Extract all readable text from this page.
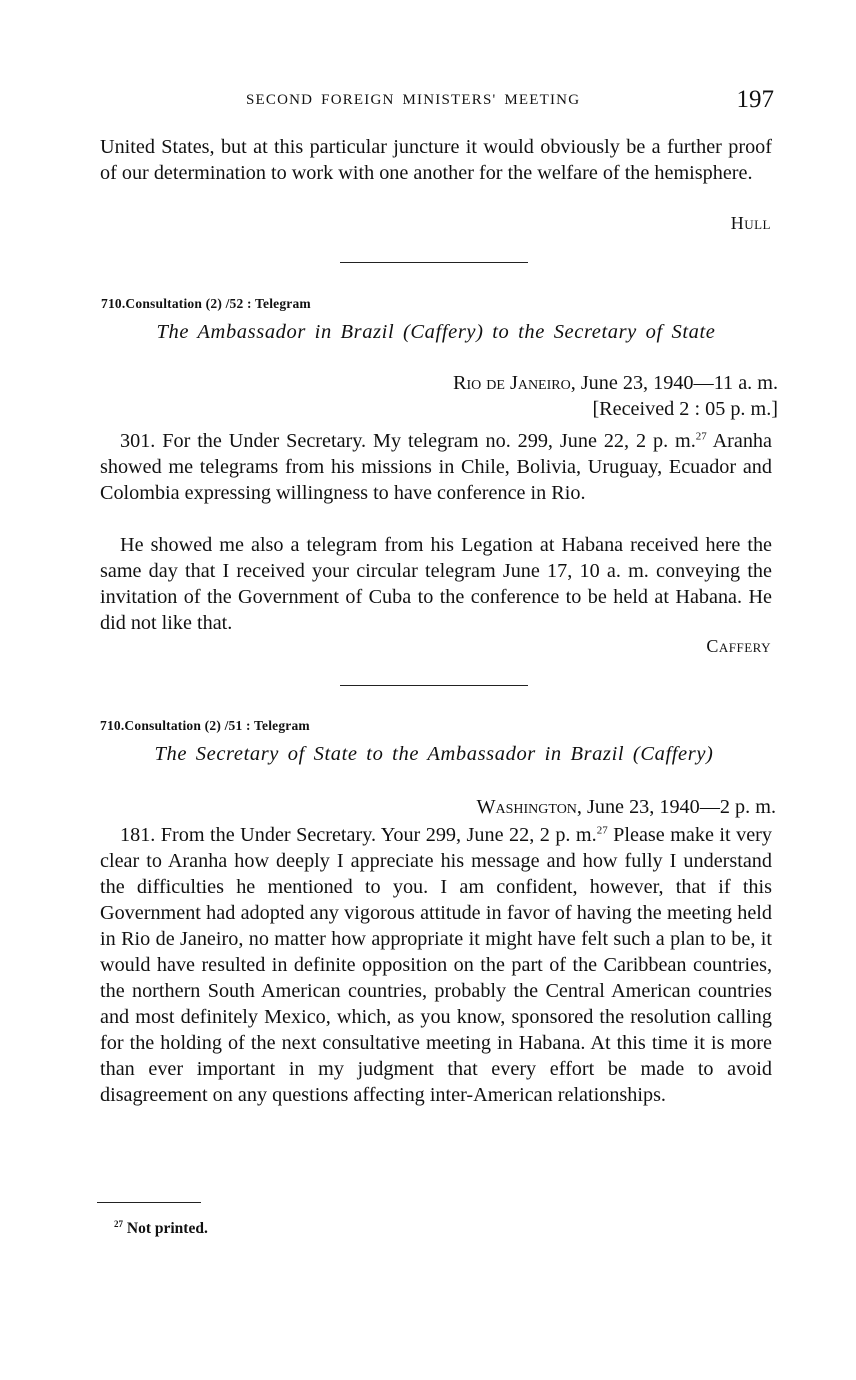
SECOND FOREIGN MINISTERS' MEETING	197

United States, but at this particular juncture it would obviously be a further proof of our determination to work with one another for the welfare of the hemisphere.

Hull
710.Consultation (2) /52 : Telegram
The Ambassador in Brazil (Caffery) to the Secretary of State
Rio de Janeiro, June 23, 1940—11 a. m.
[Received 2 : 05 p. m.]

301. For the Under Secretary. My telegram no. 299, June 22, 2 p. m.$^{27}$ Aranha showed me telegrams from his missions in Chile, Bolivia, Uruguay, Ecuador and Colombia expressing willingness to have conference in Rio.

He showed me also a telegram from his Legation at Habana received here the same day that I received your circular telegram June 17, 10 a. m. conveying the invitation of the Government of Cuba to the conference to be held at Habana. He did not like that.

Caffery
710.Consultation (2) /51 : Telegram
The Secretary of State to the Ambassador in Brazil (Caffery)
Washington, June 23, 1940—2 p. m.

181. From the Under Secretary. Your 299, June 22, 2 p. m.$^{27}$ Please make it very clear to Aranha how deeply I appreciate his message and how fully I understand the difficulties he mentioned to you. I am confident, however, that if this Government had adopted any vigorous attitude in favor of having the meeting held in Rio de Janeiro, no matter how appropriate it might have felt such a plan to be, it would have resulted in definite opposition on the part of the Caribbean countries, the northern South American countries, probably the Central American countries and most definitely Mexico, which, as you know, sponsored the resolution calling for the holding of the next consultative meeting in Habana. At this time it is more than ever important in my judgment that every effort be made to avoid disagreement on any questions affecting inter-American relationships.

$^{27}$ Not printed.
